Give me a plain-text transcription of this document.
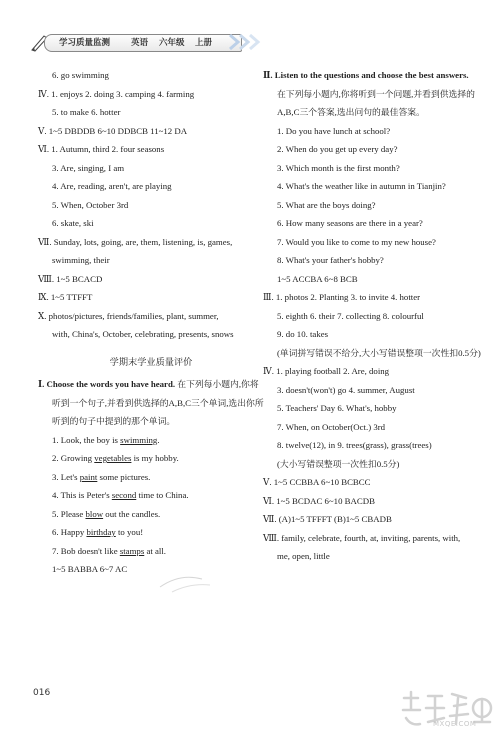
学习质量监测 英语 六年级 上册
6. go swimming
Ⅳ. 1. enjoys 2. doing 3. camping 4. farming
5. to make 6. hotter
Ⅴ. 1~5 DBDDB 6~10 DDBCB 11~12 DA
Ⅵ. 1. Autumn, third 2. four seasons
3. Are, singing, I am
4. Are, reading, aren't, are playing
5. When, October 3rd
6. skate, ski
Ⅶ. Sunday, lots, going, are, them, listening, is, games,
swimming, their
Ⅷ. 1~5 BCACD
Ⅸ. 1~5 TTFFT
Ⅹ. photos/pictures, friends/families, plant, summer,
with, China's, October, celebrating, presents, snows
学期末学业质量评价
Ⅰ. Choose the words you have heard. 在下列每小题内,你将听到一个句子,并看到供选择的A,B,C三个单词,选出你所听到的句子中提到的那个单词。
1. Look, the boy is swimming.
2. Growing vegetables is my hobby.
3. Let's paint some pictures.
4. This is Peter's second time to China.
5. Please blow out the candles.
6. Happy birthday to you!
7. Bob doesn't like stamps at all.
1~5 BABBA 6~7 AC
Ⅱ. Listen to the questions and choose the best answers.
在下列每小题内,你将听到一个问题,并看到供选择的A,B,C三个答案,选出问句的最佳答案。
1. Do you have lunch at school?
2. When do you get up every day?
3. Which month is the first month?
4. What's the weather like in autumn in Tianjin?
5. What are the boys doing?
6. How many seasons are there in a year?
7. Would you like to come to my new house?
8. What's your father's hobby?
1~5 ACCBA 6~8 BCB
Ⅲ. 1. photos 2. Planting 3. to invite 4. hotter
5. eighth 6. their 7. collecting 8. colourful
9. do 10. takes
(单词拼写错误不给分,大小写错误整项一次性扣0.5分)
Ⅳ. 1. playing football 2. Are, doing
3. doesn't(won't) go 4. summer, August
5. Teachers' Day 6. What's, hobby
7. When, on October(Oct.) 3rd
8. twelve(12), in 9. trees(grass), grass(trees)
(大小写错误整项一次性扣0.5分)
Ⅴ. 1~5 CCBBA 6~10 BCBCC
Ⅵ. 1~5 BCDAC 6~10 BACDB
Ⅶ. (A)1~5 TFFFT (B)1~5 CBADB
Ⅷ. family, celebrate, fourth, at, inviting, parents, with,
me, open, little
016
MXQE.COM
